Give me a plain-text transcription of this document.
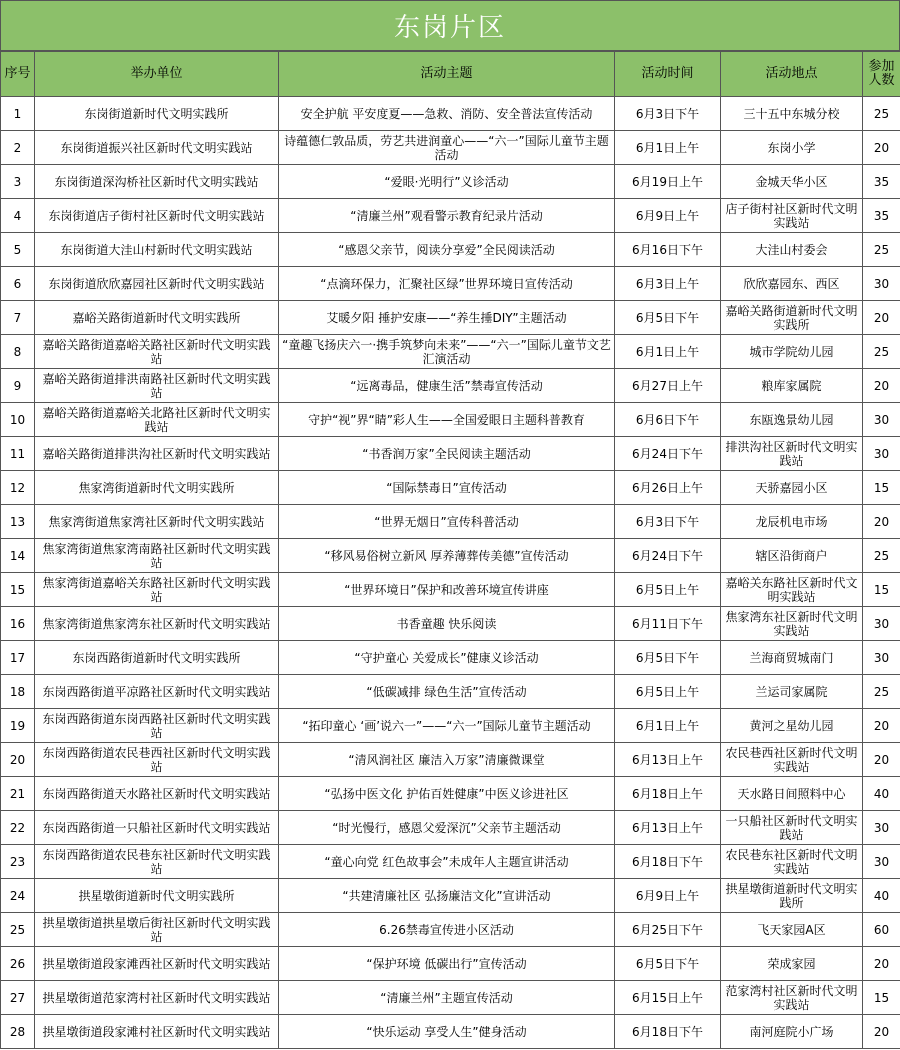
东岗片区
序号	举办单位	活动主题	活动时间	活动地点	参加人数
1	东岗街道新时代文明实践所	安全护航 平安度夏——急救、消防、安全普法宣传活动	6月3日下午	三十五中东城分校	25
2	东岗街道振兴社区新时代文明实践站	诗蕴德仁敦品质，劳艺共进润童心——“六一”国际儿童节主题活动	6月1日上午	东岗小学	20
3	东岗街道深沟桥社区新时代文明实践站	“爱眼·光明行”义诊活动	6月19日上午	金城天华小区	35
4	东岗街道店子街村社区新时代文明实践站	“清廉兰州”观看警示教育纪录片活动	6月9日上午	店子街村社区新时代文明实践站	35
5	东岗街道大洼山村新时代文明实践站	“感恩父亲节，阅读分享爱”全民阅读活动	6月16日下午	大洼山村委会	25
6	东岗街道欣欣嘉园社区新时代文明实践站	“点滴环保力，汇聚社区绿”世界环境日宣传活动	6月3日上午	欣欣嘉园东、西区	30
7	嘉峪关路街道新时代文明实践所	艾暖夕阳 捶护安康——“养生捶DIY”主题活动	6月5日下午	嘉峪关路街道新时代文明实践所	20
8	嘉峪关路街道嘉峪关路社区新时代文明实践站	“童趣飞扬庆六一·携手筑梦向未来”——“六一”国际儿童节文艺汇演活动	6月1日上午	城市学院幼儿园	25
9	嘉峪关路街道排洪南路社区新时代文明实践站	“远离毒品，健康生活”禁毒宣传活动	6月27日上午	粮库家属院	20
10	嘉峪关路街道嘉峪关北路社区新时代文明实践站	守护“视”界“睛”彩人生——全国爱眼日主题科普教育	6月6日下午	东瓯逸景幼儿园	30
11	嘉峪关路街道排洪沟社区新时代文明实践站	“书香润万家”全民阅读主题活动	6月24日下午	排洪沟社区新时代文明实践站	30
12	焦家湾街道新时代文明实践所	“国际禁毒日”宣传活动	6月26日上午	天骄嘉园小区	15
13	焦家湾街道焦家湾社区新时代文明实践站	“世界无烟日”宣传科普活动	6月3日下午	龙辰机电市场	20
14	焦家湾街道焦家湾南路社区新时代文明实践站	“移风易俗树立新风 厚养薄葬传美德”宣传活动	6月24日下午	辖区沿街商户	25
15	焦家湾街道嘉峪关东路社区新时代文明实践站	“世界环境日”保护和改善环境宣传讲座	6月5日上午	嘉峪关东路社区新时代文明实践站	15
16	焦家湾街道焦家湾东社区新时代文明实践站	书香童趣 快乐阅读	6月11日下午	焦家湾东社区新时代文明实践站	30
17	东岗西路街道新时代文明实践所	“守护童心 关爱成长”健康义诊活动	6月5日下午	兰海商贸城南门	30
18	东岗西路街道平凉路社区新时代文明实践站	“低碳减排 绿色生活”宣传活动	6月5日上午	兰运司家属院	25
19	东岗西路街道东岗西路社区新时代文明实践站	“拓印童心 ‘画’说六一”——“六一”国际儿童节主题活动	6月1日上午	黄河之星幼儿园	20
20	东岗西路街道农民巷西社区新时代文明实践站	“清风润社区 廉洁入万家”清廉微课堂	6月13日上午	农民巷西社区新时代文明实践站	20
21	东岗西路街道天水路社区新时代文明实践站	“弘扬中医文化 护佑百姓健康”中医义诊进社区	6月18日上午	天水路日间照料中心	40
22	东岗西路街道一只船社区新时代文明实践站	“时光慢行，感恩父爱深沉”父亲节主题活动	6月13日上午	一只船社区新时代文明实践站	30
23	东岗西路街道农民巷东社区新时代文明实践站	“童心向党 红色故事会”未成年人主题宣讲活动	6月18日下午	农民巷东社区新时代文明实践站	30
24	拱星墩街道新时代文明实践所	“共建清廉社区 弘扬廉洁文化”宣讲活动	6月9日上午	拱星墩街道新时代文明实践所	40
25	拱星墩街道拱星墩后街社区新时代文明实践站	6.26禁毒宣传进小区活动	6月25日下午	飞天家园A区	60
26	拱星墩街道段家滩西社区新时代文明实践站	“保护环境 低碳出行”宣传活动	6月5日下午	荣成家园	20
27	拱星墩街道范家湾村社区新时代文明实践站	“清廉兰州”主题宣传活动	6月15日上午	范家湾村社区新时代文明实践站	15
28	拱星墩街道段家滩村社区新时代文明实践站	“快乐运动 享受人生”健身活动	6月18日下午	南河庭院小广场	20
